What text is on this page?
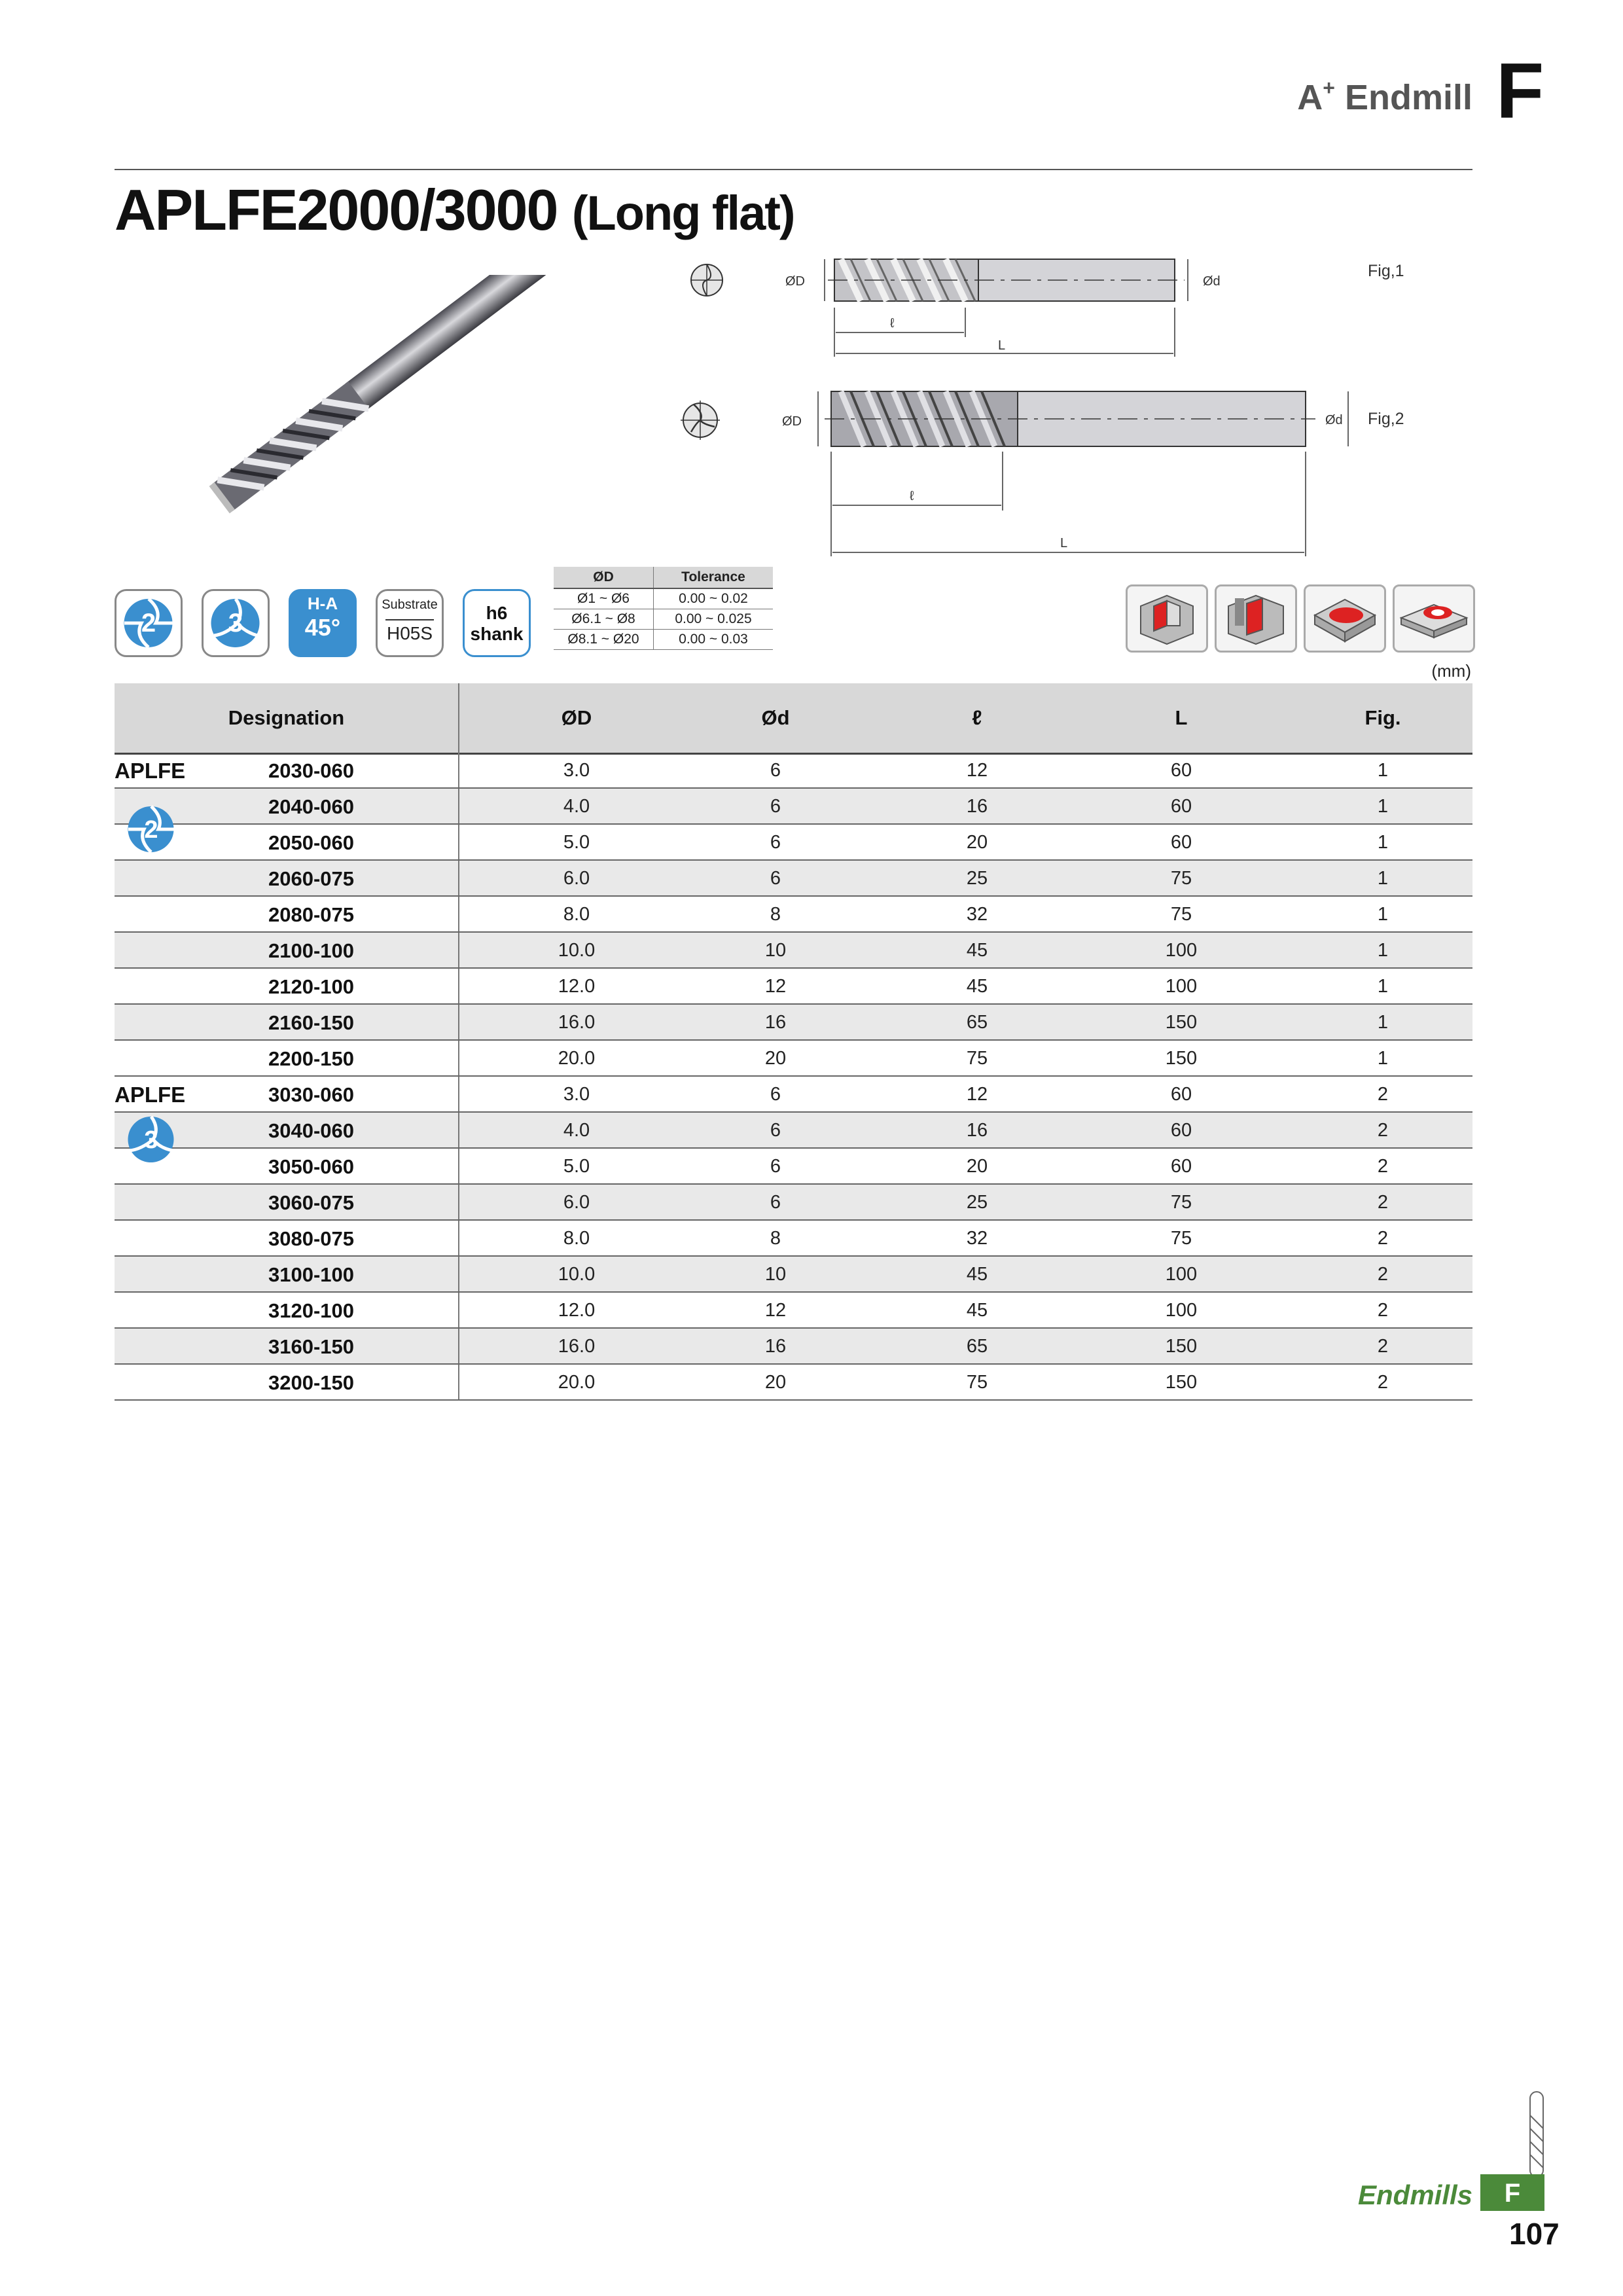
A+ Endmill F
APLFE2000/3000 (Long flat)
ØD	Ød
ℓ
L
Fig,1
ØD	Ød
ℓ
L
Fig,2
2	3
H-A
45°
Substrate
H05S
h6
shank
ØD	Tolerance
Ø1 ~ Ø6	0.00 ~ 0.02
Ø6.1 ~ Ø8	0.00 ~ 0.025
Ø8.1 ~ Ø20	0.00 ~ 0.03
(mm)
Designation	ØD	Ød	ℓ	L	Fig.
APLFE	2030-060	3.0	6	12	60	1
2040-060	4.0	6	16	60	1
2050-060	5.0	6	20	60	1
2060-075	6.0	6	25	75	1
2080-075	8.0	8	32	75	1
2100-100	10.0	10	45	100	1
2120-100	12.0	12	45	100	1
2160-150	16.0	16	65	150	1
2200-150	20.0	20	75	150	1
APLFE	3030-060	3.0	6	12	60	2
3040-060	4.0	6	16	60	2
3050-060	5.0	6	20	60	2
3060-075	6.0	6	25	75	2
3080-075	8.0	8	32	75	2
3100-100	10.0	10	45	100	2
3120-100	12.0	12	45	100	2
3160-150	16.0	16	65	150	2
3200-150	20.0	20	75	150	2
2
3
Endmills	F
107
